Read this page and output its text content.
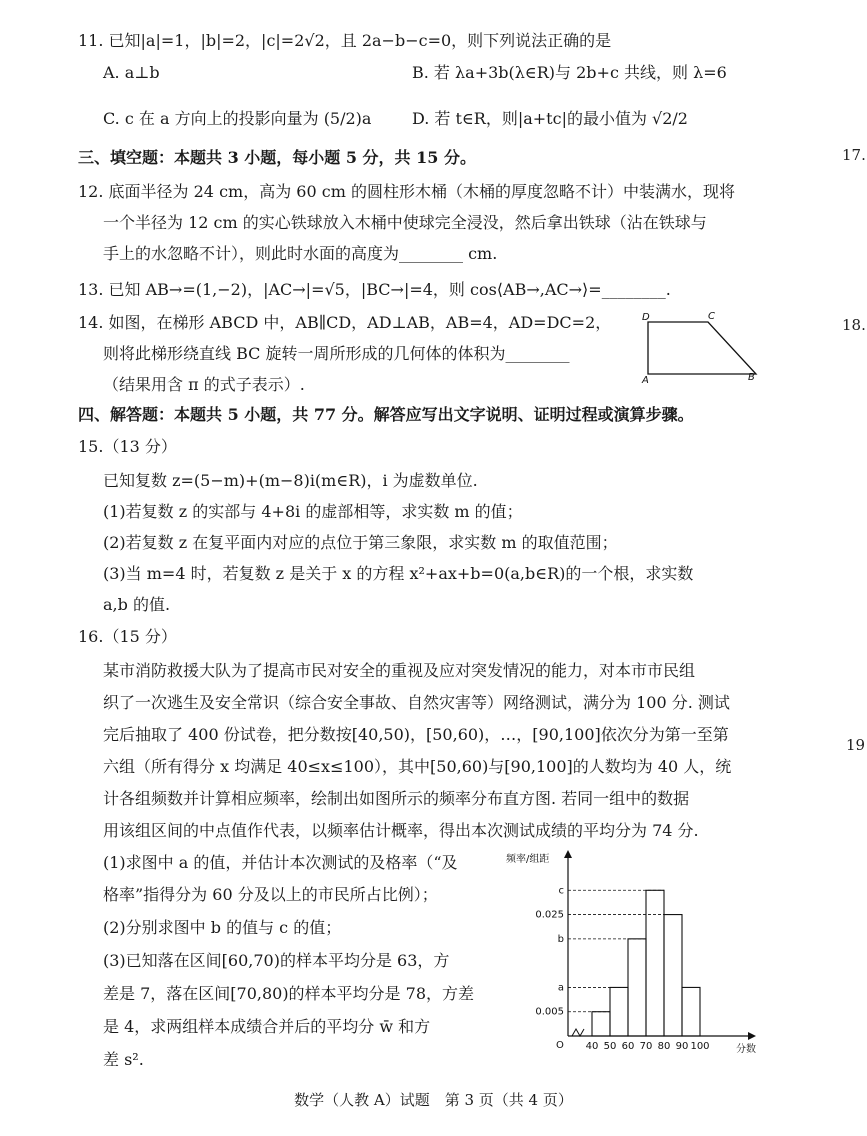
11. 已知|a|=1，|b|=2，|c|=2√2，且 2a−b−c=0，则下列说法正确的是
A. a⊥b	B. 若 λa+3b(λ∈R)与 2b+c 共线，则 λ=6
C. c 在 a 方向上的投影向量为 (5/2)a	D. 若 t∈R，则|a+tc|的最小值为 √2/2
三、填空题：本题共 3 小题，每小题 5 分，共 15 分。
12. 底面半径为 24 cm，高为 60 cm 的圆柱形木桶（木桶的厚度忽略不计）中装满水，现将
一个半径为 12 cm 的实心铁球放入木桶中使球完全浸没，然后拿出铁球（沾在铁球与
手上的水忽略不计），则此时水面的高度为________ cm.
13. 已知 AB→=(1,−2)，|AC→|=√5，|BC→|=4，则 cos⟨AB→,AC→⟩=________.
14. 如图，在梯形 ABCD 中，AB∥CD，AD⊥AB，AB=4，AD=DC=2，
则将此梯形绕直线 BC 旋转一周所形成的几何体的体积为________
（结果用含 π 的式子表示）.
D	C
A	B
四、解答题：本题共 5 小题，共 77 分。解答应写出文字说明、证明过程或演算步骤。
15.（13 分）
已知复数 z=(5−m)+(m−8)i(m∈R)，i 为虚数单位.
(1)若复数 z 的实部与 4+8i 的虚部相等，求实数 m 的值；
(2)若复数 z 在复平面内对应的点位于第三象限，求实数 m 的取值范围；
(3)当 m=4 时，若复数 z 是关于 x 的方程 x²+ax+b=0(a,b∈R)的一个根，求实数
a,b 的值.
16.（15 分）
某市消防救援大队为了提高市民对安全的重视及应对突发情况的能力，对本市市民组
织了一次逃生及安全常识（综合安全事故、自然灾害等）网络测试，满分为 100 分. 测试
完后抽取了 400 份试卷，把分数按[40,50)，[50,60)，…，[90,100]依次分为第一至第
六组（所有得分 x 均满足 40≤x≤100），其中[50,60)与[90,100]的人数均为 40 人，统
计各组频数并计算相应频率，绘制出如图所示的频率分布直方图. 若同一组中的数据
用该组区间的中点值作代表，以频率估计概率，得出本次测试成绩的平均分为 74 分.
(1)求图中 a 的值，并估计本次测试的及格率（“及
格率”指得分为 60 分及以上的市民所占比例）；
(2)分别求图中 b 的值与 c 的值；
(3)已知落在区间[60,70)的样本平均分是 63，方
差是 7，落在区间[70,80)的样本平均分是 78，方差
是 4，求两组样本成绩合并后的平均分 w̄ 和方
差 s².
频率/组距
分数
O 40 50 60 70 80 90 100
c
0.025
b
a
0.005
17.
18.
19
数学（人教 A）试题　第 3 页（共 4 页）
